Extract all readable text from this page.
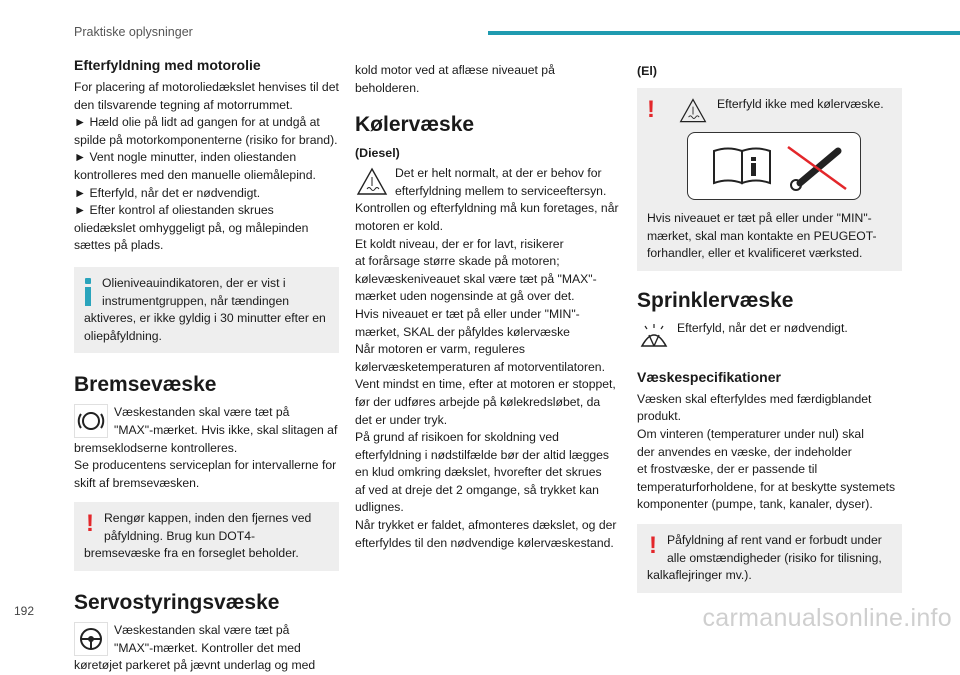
Praktiske oplysninger
Efterfyldning med motorolie

For placering af motoroliedækslet henvises til det

den tilsvarende tegning af motorrummet.

► Hæld olie på lidt ad gangen for at undgå at

spilde på motorkomponenterne (risiko for brand).

► Vent nogle minutter, inden oliestanden

kontrolleres med den manuelle oliemålepind.

► Efterfyld, når det er nødvendigt.

► Efter kontrol af oliestanden skrues

oliedækslet omhyggeligt på, og målepinden

sættes på plads.

Olieniveauindikatoren, der er vist i

instrumentgruppen, når tændingen

aktiveres, er ikke gyldig i 30 minutter efter en

oliepåfyldning.

Bremsevæske

Væskestanden skal være tæt på

"MAX"-mærket. Hvis ikke, skal slitagen af

bremseklodserne kontrolleres.

Se producentens serviceplan for intervallerne for

skift af bremsevæsken.

! Rengør kappen, inden den fjernes ved

påfyldning. Brug kun DOT4-

bremsevæske fra en forseglet beholder.

Servostyringsvæske

Væskestanden skal være tæt på

"MAX"-mærket. Kontroller det med

køretøjet parkeret på jævnt underlag og med

kold motor ved at aflæse niveauet på

beholderen.

Kølervæske

(Diesel)

Det er helt normalt, at der er behov for

efterfyldning mellem to serviceeftersyn.

Kontrollen og efterfyldning må kun foretages, når

motoren er kold.

Et koldt niveau, der er for lavt, risikerer

at forårsage større skade på motoren;

kølevæskeniveauet skal være tæt på "MAX"-

mærket uden nogensinde at gå over det.

Hvis niveauet er tæt på eller under "MIN"-

mærket, SKAL der påfyldes kølervæske

Når motoren er varm, reguleres

kølervæsketemperaturen af motorventilatoren.

Vent mindst en time, efter at motoren er stoppet,

før der udføres arbejde på kølekredsløbet, da

det er under tryk.

På grund af risikoen for skoldning ved

efterfyldning i nødstilfælde bør der altid lægges

en klud omkring dækslet, hvorefter det skrues

af ved at dreje det 2 omgange, så trykket kan

udlignes.

Når trykket er faldet, afmonteres dækslet, og der

efterfyldes til den nødvendige kølervæskestand.

(El)

!	Efterfyld ikke med kølervæske.

Hvis niveauet er tæt på eller under "MIN"-

mærket, skal man kontakte en PEUGEOT-

forhandler, eller et kvalificeret værksted.

Sprinklervæske

Efterfyld, når det er nødvendigt.

Væskespecifikationer

Væsken skal efterfyldes med færdigblandet

produkt.

Om vinteren (temperaturer under nul) skal

der anvendes en væske, der indeholder

et frostvæske, der er passende til

temperaturforholdene, for at beskytte systemets

komponenter (pumpe, tank, kanaler, dyser).

! Påfyldning af rent vand er forbudt under

alle omstændigheder (risiko for tilisning,

kalkaflejringer mv.).

192	carmanualsonline.info
